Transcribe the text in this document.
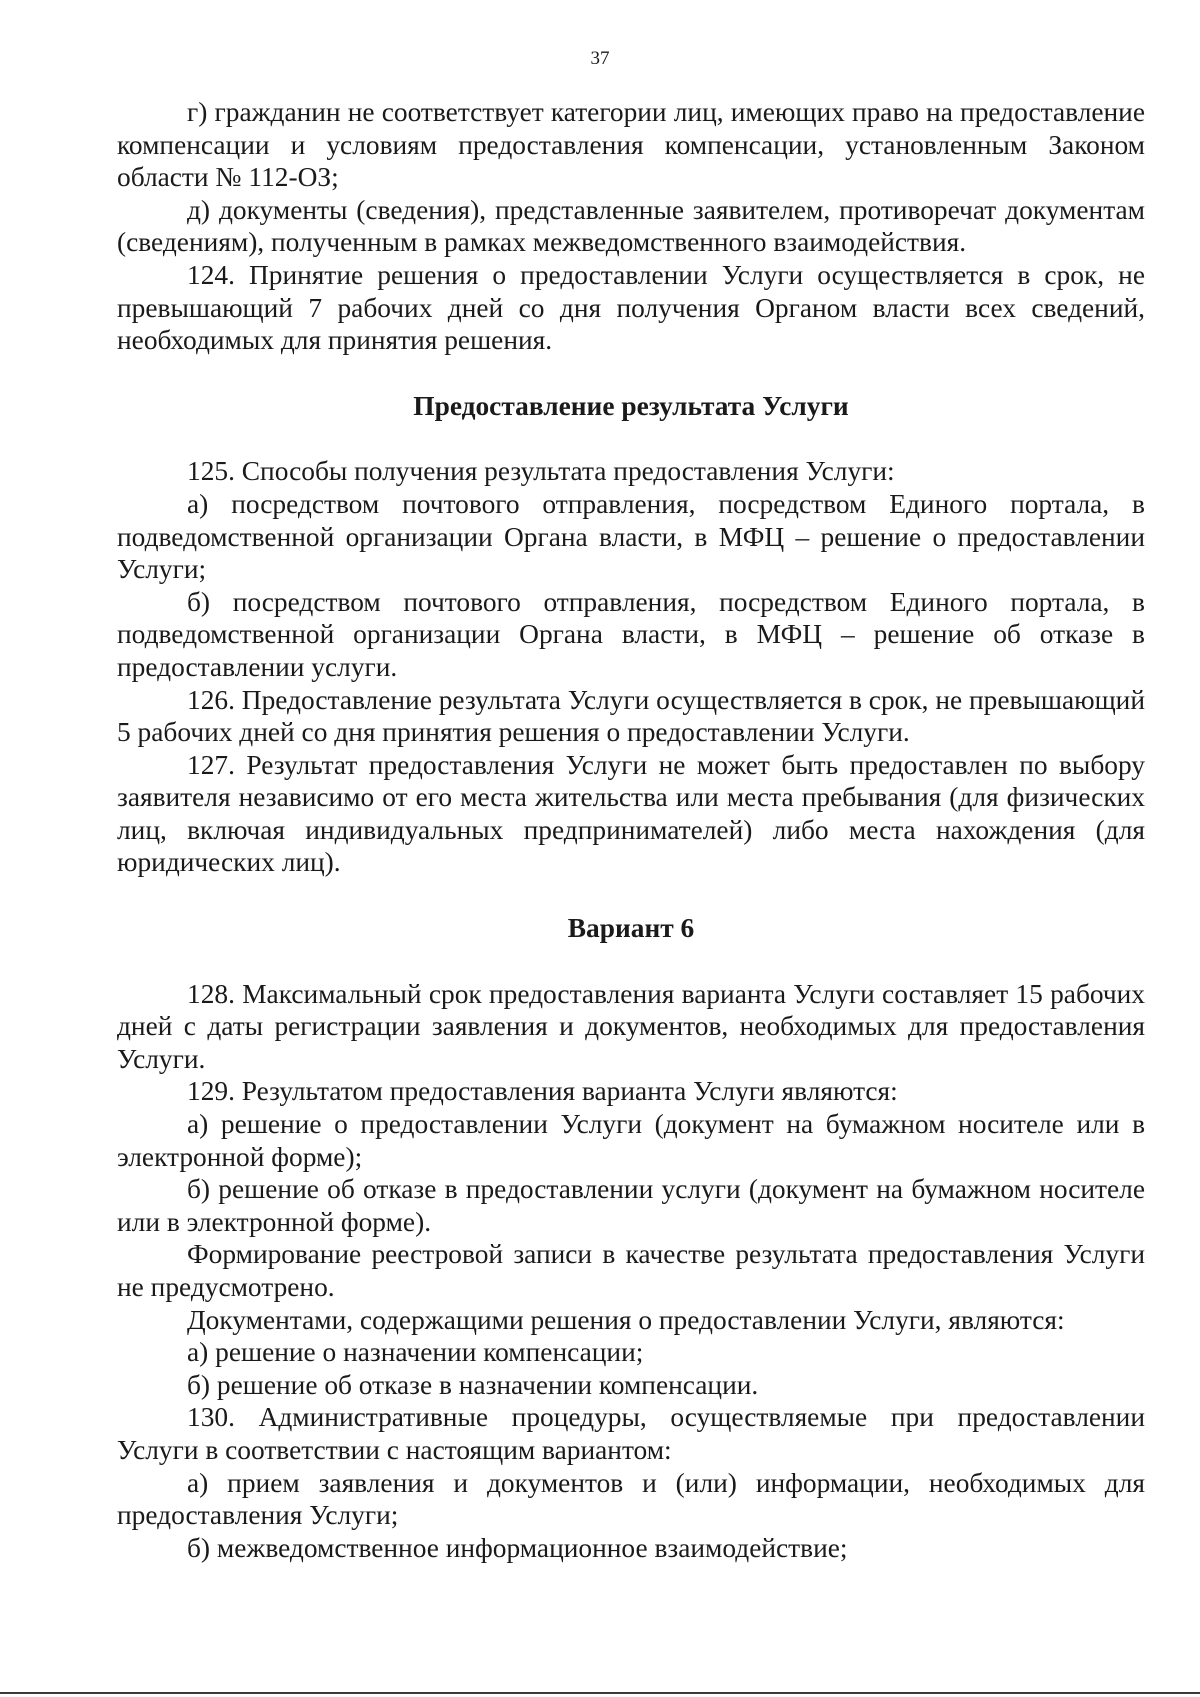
37

г) гражданин не соответствует категории лиц, имеющих право на предоставление компенсации и условиям предоставления компенсации, установленным Законом области № 112-ОЗ;

д) документы (сведения), представленные заявителем, противоречат документам (сведениям), полученным в рамках межведомственного взаимодействия.

124. Принятие решения о предоставлении Услуги осуществляется в срок, не превышающий 7 рабочих дней со дня получения Органом власти всех сведений, необходимых для принятия решения.

Предоставление результата Услуги

125. Способы получения результата предоставления Услуги:

а) посредством почтового отправления, посредством Единого портала, в подведомственной организации Органа власти, в МФЦ – решение о предоставлении Услуги;

б) посредством почтового отправления, посредством Единого портала, в подведомственной организации Органа власти, в МФЦ – решение об отказе в предоставлении услуги.

126. Предоставление результата Услуги осуществляется в срок, не превышающий 5 рабочих дней со дня принятия решения о предоставлении Услуги.

127. Результат предоставления Услуги не может быть предоставлен по выбору заявителя независимо от его места жительства или места пребывания (для физических лиц, включая индивидуальных предпринимателей) либо места нахождения (для юридических лиц).

Вариант 6

128. Максимальный срок предоставления варианта Услуги составляет 15 рабочих дней с даты регистрации заявления и документов, необходимых для предоставления Услуги.

129. Результатом предоставления варианта Услуги являются:

а) решение о предоставлении Услуги (документ на бумажном носителе или в электронной форме);

б) решение об отказе в предоставлении услуги (документ на бумажном носителе или в электронной форме).

Формирование реестровой записи в качестве результата предоставления Услуги не предусмотрено.

Документами, содержащими решения о предоставлении Услуги, являются:

а) решение о назначении компенсации;

б) решение об отказе в назначении компенсации.

130. Административные процедуры, осуществляемые при предоставлении Услуги в соответствии с настоящим вариантом:

а) прием заявления и документов и (или) информации, необходимых для предоставления Услуги;

б) межведомственное информационное взаимодействие;
